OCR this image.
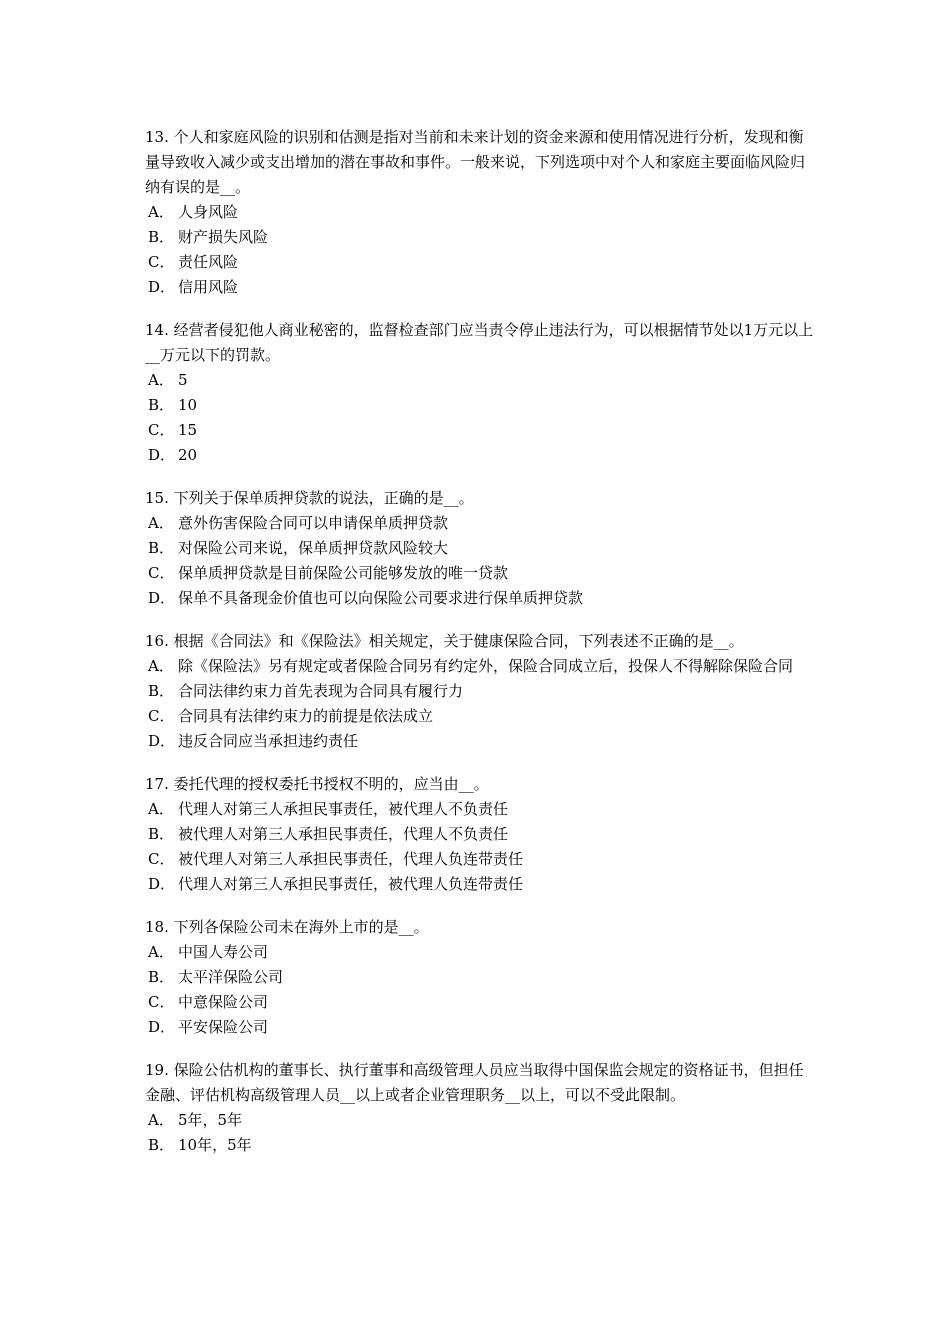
13. 个人和家庭风险的识别和估测是指对当前和未来计划的资金来源和使用情况进行分析，发现和衡量导致收入减少或支出增加的潜在事故和事件。一般来说，下列选项中对个人和家庭主要面临风险归纳有误的是__。

A． 人身风险
B． 财产损失风险
C． 责任风险
D． 信用风险

14. 经营者侵犯他人商业秘密的，监督检查部门应当责令停止违法行为，可以根据情节处以1万元以上__万元以下的罚款。

A． 5
B． 10
C． 15
D． 20

15. 下列关于保单质押贷款的说法，正确的是__。

A． 意外伤害保险合同可以申请保单质押贷款
B． 对保险公司来说，保单质押贷款风险较大
C． 保单质押贷款是目前保险公司能够发放的唯一贷款
D． 保单不具备现金价值也可以向保险公司要求进行保单质押贷款

16. 根据《合同法》和《保险法》相关规定，关于健康保险合同，下列表述不正确的是__。

A． 除《保险法》另有规定或者保险合同另有约定外，保险合同成立后，投保人不得解除保险合同
B． 合同法律约束力首先表现为合同具有履行力
C． 合同具有法律约束力的前提是依法成立
D． 违反合同应当承担违约责任

17. 委托代理的授权委托书授权不明的，应当由__。

A． 代理人对第三人承担民事责任，被代理人不负责任
B． 被代理人对第三人承担民事责任，代理人不负责任
C． 被代理人对第三人承担民事责任，代理人负连带责任
D． 代理人对第三人承担民事责任，被代理人负连带责任

18. 下列各保险公司未在海外上市的是__。

A． 中国人寿公司
B． 太平洋保险公司
C． 中意保险公司
D． 平安保险公司

19. 保险公估机构的董事长、执行董事和高级管理人员应当取得中国保监会规定的资格证书，但担任金融、评估机构高级管理人员__以上或者企业管理职务__以上，可以不受此限制。

A． 5年，5年
B． 10年，5年
